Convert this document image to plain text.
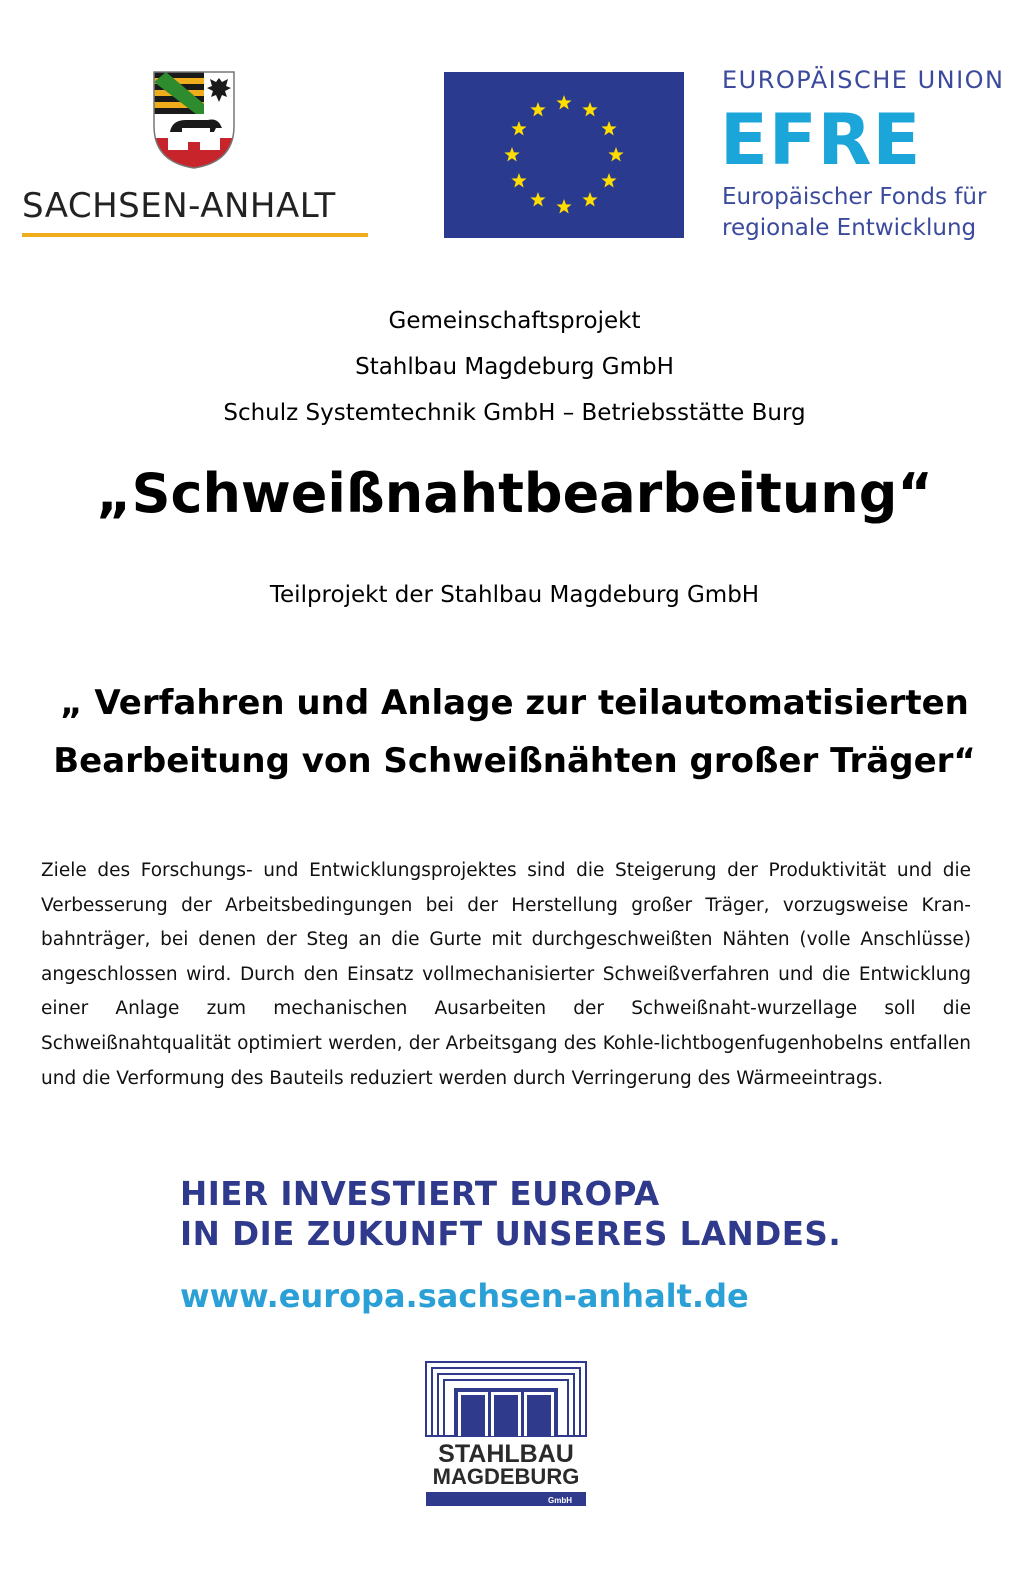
SACHSEN-ANHALT
EUROPÄISCHE UNION
EFRE
Europäischer Fonds für
regionale Entwicklung
Gemeinschaftsprojekt
Stahlbau Magdeburg GmbH
Schulz Systemtechnik GmbH – Betriebsstätte Burg
„Schweißnahtbearbeitung“
Teilprojekt der Stahlbau Magdeburg GmbH
„ Verfahren und Anlage zur teilautomatisierten
Bearbeitung von Schweißnähten großer Träger“
Ziele des Forschungs- und Entwicklungsprojektes sind die Steigerung der Produktivität und die Verbesserung der Arbeitsbedingungen bei der Herstellung großer Träger, vorzugsweise Kran-bahnträger, bei denen der Steg an die Gurte mit durchgeschweißten Nähten (volle Anschlüsse) angeschlossen wird. Durch den Einsatz vollmechanisierter Schweißverfahren und die Entwicklung einer Anlage zum mechanischen Ausarbeiten der Schweißnaht-wurzellage soll die Schweißnahtqualität optimiert werden, der Arbeitsgang des Kohle-lichtbogenfugenhobelns entfallen und die Verformung des Bauteils reduziert werden durch Verringerung des Wärmeeintrags.
HIER INVESTIERT EUROPA
IN DIE ZUKUNFT UNSERES LANDES.
www.europa.sachsen-anhalt.de
STAHLBAU
MAGDEBURG
GmbH
